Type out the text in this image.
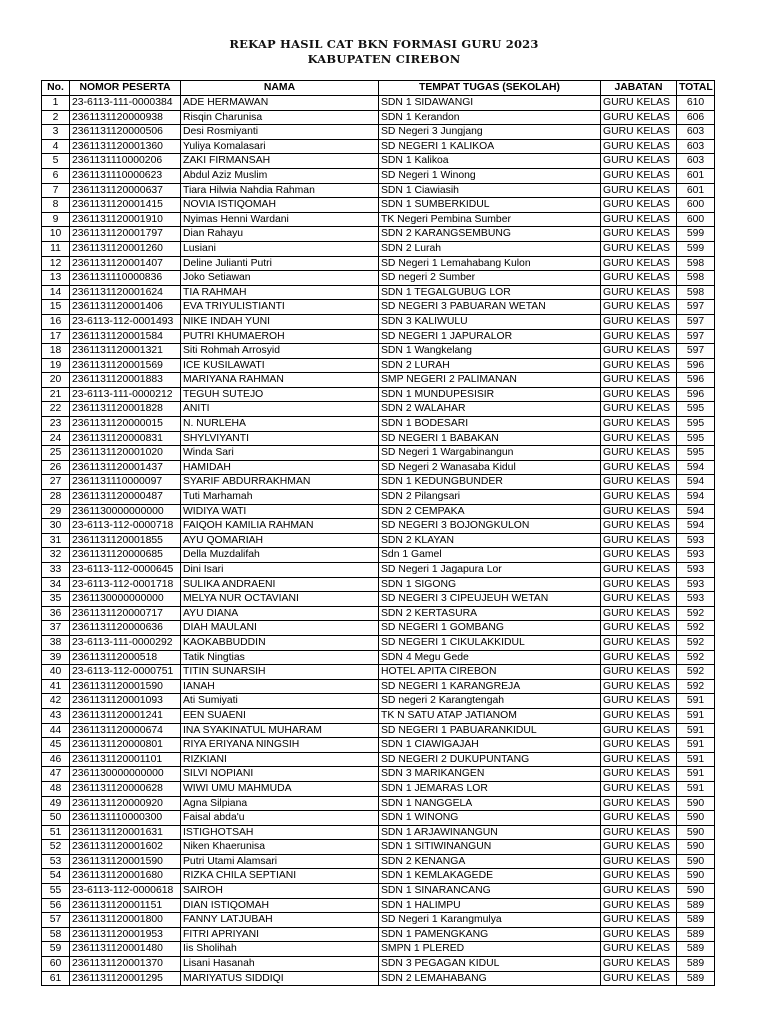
REKAP HASIL CAT BKN FORMASI GURU 2023
KABUPATEN CIREBON
No.	NOMOR PESERTA	NAMA	TEMPAT TUGAS (SEKOLAH)	JABATAN	TOTAL
1	23-6113-111-0000384	ADE HERMAWAN	SDN 1 SIDAWANGI	GURU KELAS	610
2	2361131120000938	Risqin Charunisa	SDN 1 Kerandon	GURU KELAS	606
3	2361131120000506	Desi Rosmiyanti	SD Negeri 3 Jungjang	GURU KELAS	603
4	2361131120001360	Yuliya Komalasari	SD NEGERI 1 KALIKOA	GURU KELAS	603
5	2361131110000206	ZAKI FIRMANSAH	SDN 1 Kalikoa	GURU KELAS	603
6	2361131110000623	Abdul Aziz Muslim	SD Negeri 1 Winong	GURU KELAS	601
7	2361131120000637	Tiara Hilwia Nahdia Rahman	SDN 1 Ciawiasih	GURU KELAS	601
8	2361131120001415	NOVIA ISTIQOMAH	SDN 1 SUMBERKIDUL	GURU KELAS	600
9	2361131120001910	Nyimas Henni Wardani	TK Negeri Pembina Sumber	GURU KELAS	600
10	2361131120001797	Dian Rahayu	SDN 2 KARANGSEMBUNG	GURU KELAS	599
11	2361131120001260	Lusiani	SDN 2 Lurah	GURU KELAS	599
12	2361131120001407	Deline Julianti Putri	SD Negeri 1 Lemahabang Kulon	GURU KELAS	598
13	2361131110000836	Joko Setiawan	SD negeri 2 Sumber	GURU KELAS	598
14	2361131120001624	TIA RAHMAH	SDN 1 TEGALGUBUG LOR	GURU KELAS	598
15	2361131120001406	EVA TRIYULISTIANTI	SD NEGERI 3 PABUARAN WETAN	GURU KELAS	597
16	23-6113-112-0001493	NIKE INDAH YUNI	SDN 3 KALIWULU	GURU KELAS	597
17	2361131120001584	PUTRI KHUMAEROH	SD NEGERI 1 JAPURALOR	GURU KELAS	597
18	2361131120001321	Siti Rohmah Arrosyid	SDN 1 Wangkelang	GURU KELAS	597
19	2361131120001569	ICE KUSILAWATI	SDN 2 LURAH	GURU KELAS	596
20	2361131120001883	MARIYANA RAHMAN	SMP NEGERI 2 PALIMANAN	GURU KELAS	596
21	23-6113-111-0000212	TEGUH SUTEJO	SDN 1 MUNDUPESISIR	GURU KELAS	596
22	2361131120001828	ANITI	SDN 2 WALAHAR	GURU KELAS	595
23	2361131120000015	N. NURLEHA	SDN 1 BODESARI	GURU KELAS	595
24	2361131120000831	SHYLVIYANTI	SD NEGERI 1 BABAKAN	GURU KELAS	595
25	2361131120001020	Winda Sari	SD Negeri 1 Wargabinangun	GURU KELAS	595
26	2361131120001437	HAMIDAH	SD Negeri 2 Wanasaba Kidul	GURU KELAS	594
27	2361131110000097	SYARIF ABDURRAKHMAN	SDN 1 KEDUNGBUNDER	GURU KELAS	594
28	2361131120000487	Tuti Marhamah	SDN 2 Pilangsari	GURU KELAS	594
29	2361130000000000	WIDIYA WATI	SDN 2 CEMPAKA	GURU KELAS	594
30	23-6113-112-0000718	FAIQOH KAMILIA RAHMAN	SD NEGERI 3 BOJONGKULON	GURU KELAS	594
31	2361131120001855	AYU QOMARIAH	SDN 2 KLAYAN	GURU KELAS	593
32	2361131120000685	Della Muzdalifah	Sdn 1 Gamel	GURU KELAS	593
33	23-6113-112-0000645	Dini Isari	SD Negeri 1 Jagapura Lor	GURU KELAS	593
34	23-6113-112-0001718	SULIKA ANDRAENI	SDN 1 SIGONG	GURU KELAS	593
35	2361130000000000	MELYA NUR OCTAVIANI	SD NEGERI 3 CIPEUJEUH WETAN	GURU KELAS	593
36	2361131120000717	AYU DIANA	SDN 2 KERTASURA	GURU KELAS	592
37	2361131120000636	DIAH MAULANI	SD NEGERI 1 GOMBANG	GURU KELAS	592
38	23-6113-111-0000292	KAOKABBUDDIN	SD NEGERI 1 CIKULAKKIDUL	GURU KELAS	592
39	236113112000518	Tatik Ningtias	SDN 4 Megu Gede	GURU KELAS	592
40	23-6113-112-0000751	TITIN SUNARSIH	HOTEL APITA CIREBON	GURU KELAS	592
41	2361131120001590	IANAH	SD NEGERI 1 KARANGREJA	GURU KELAS	592
42	2361131120001093	Ati Sumiyati	SD negeri 2 Karangtengah	GURU KELAS	591
43	2361131120001241	EEN SUAENI	TK N SATU ATAP JATIANOM	GURU KELAS	591
44	2361131120000674	INA SYAKINATUL MUHARAM	SD NEGERI 1 PABUARANKIDUL	GURU KELAS	591
45	2361131120000801	RIYA ERIYANA NINGSIH	SDN 1 CIAWIGAJAH	GURU KELAS	591
46	2361131120001101	RIZKIANI	SD NEGERI 2 DUKUPUNTANG	GURU KELAS	591
47	2361130000000000	SILVI NOPIANI	SDN 3 MARIKANGEN	GURU KELAS	591
48	2361131120000628	WIWI UMU MAHMUDA	SDN 1 JEMARAS LOR	GURU KELAS	591
49	2361131120000920	Agna Silpiana	SDN 1 NANGGELA	GURU KELAS	590
50	2361131110000300	Faisal abda'u	SDN 1 WINONG	GURU KELAS	590
51	2361131120001631	ISTIGHOTSAH	SDN 1 ARJAWINANGUN	GURU KELAS	590
52	2361131120001602	Niken Khaerunisa	SDN 1 SITIWINANGUN	GURU KELAS	590
53	2361131120001590	Putri Utami Alamsari	SDN 2 KENANGA	GURU KELAS	590
54	2361131120001680	RIZKA CHILA SEPTIANI	SDN 1 KEMLAKAGEDE	GURU KELAS	590
55	23-6113-112-0000618	SAIROH	SDN 1 SINARANCANG	GURU KELAS	590
56	2361131120001151	DIAN ISTIQOMAH	SDN 1 HALIMPU	GURU KELAS	589
57	2361131120001800	FANNY LATJUBAH	SD Negeri 1 Karangmulya	GURU KELAS	589
58	2361131120001953	FITRI APRIYANI	SDN 1 PAMENGKANG	GURU KELAS	589
59	2361131120001480	Iis Sholihah	SMPN 1 PLERED	GURU KELAS	589
60	2361131120001370	Lisani Hasanah	SDN 3 PEGAGAN KIDUL	GURU KELAS	589
61	2361131120001295	MARIYATUS SIDDIQI	SDN 2 LEMAHABANG	GURU KELAS	589
